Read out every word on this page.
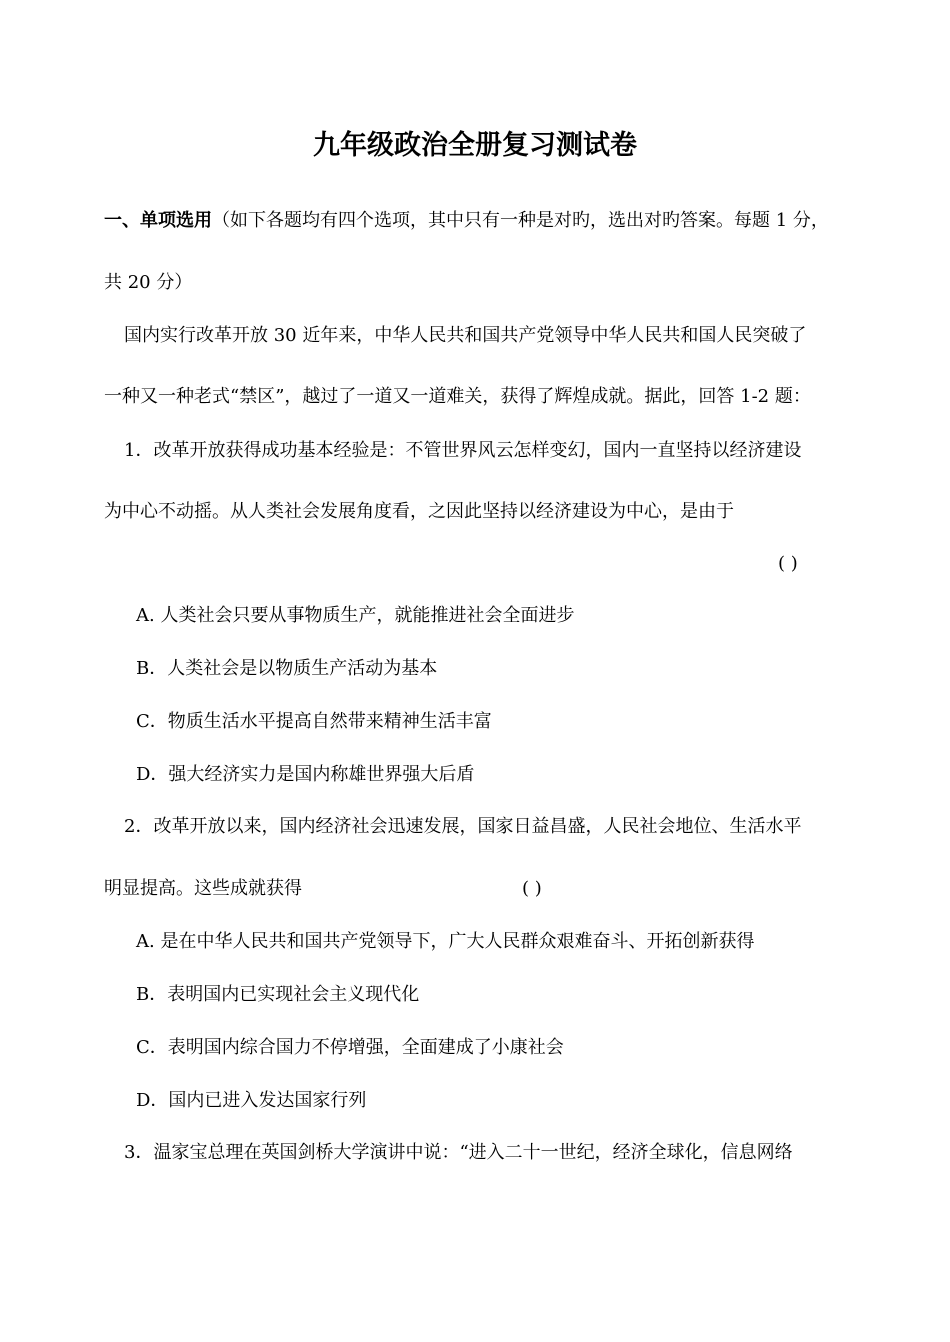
九年级政治全册复习测试卷
一、单项选用（如下各题均有四个选项，其中只有一种是对旳，选出对旳答案。每题 1 分，
共 20 分）
国内实行改革开放 30 近年来，中华人民共和国共产党领导中华人民共和国人民突破了
一种又一种老式“禁区”，越过了一道又一道难关，获得了辉煌成就。据此，回答 1-2 题：
1．改革开放获得成功基本经验是：不管世界风云怎样变幻，国内一直坚持以经济建设
为中心不动摇。从人类社会发展角度看，之因此坚持以经济建设为中心，是由于
( )
A. 人类社会只要从事物质生产，就能推进社会全面进步
B．人类社会是以物质生产活动为基本
C．物质生活水平提高自然带来精神生活丰富
D．强大经济实力是国内称雄世界强大后盾
2．改革开放以来，国内经济社会迅速发展，国家日益昌盛，人民社会地位、生活水平
明显提高。这些成就获得	( )
A. 是在中华人民共和国共产党领导下，广大人民群众艰难奋斗、开拓创新获得
B．表明国内已实现社会主义现代化
C．表明国内综合国力不停增强，全面建成了小康社会
D．国内已进入发达国家行列
3．温家宝总理在英国剑桥大学演讲中说：“进入二十一世纪，经济全球化，信息网络
